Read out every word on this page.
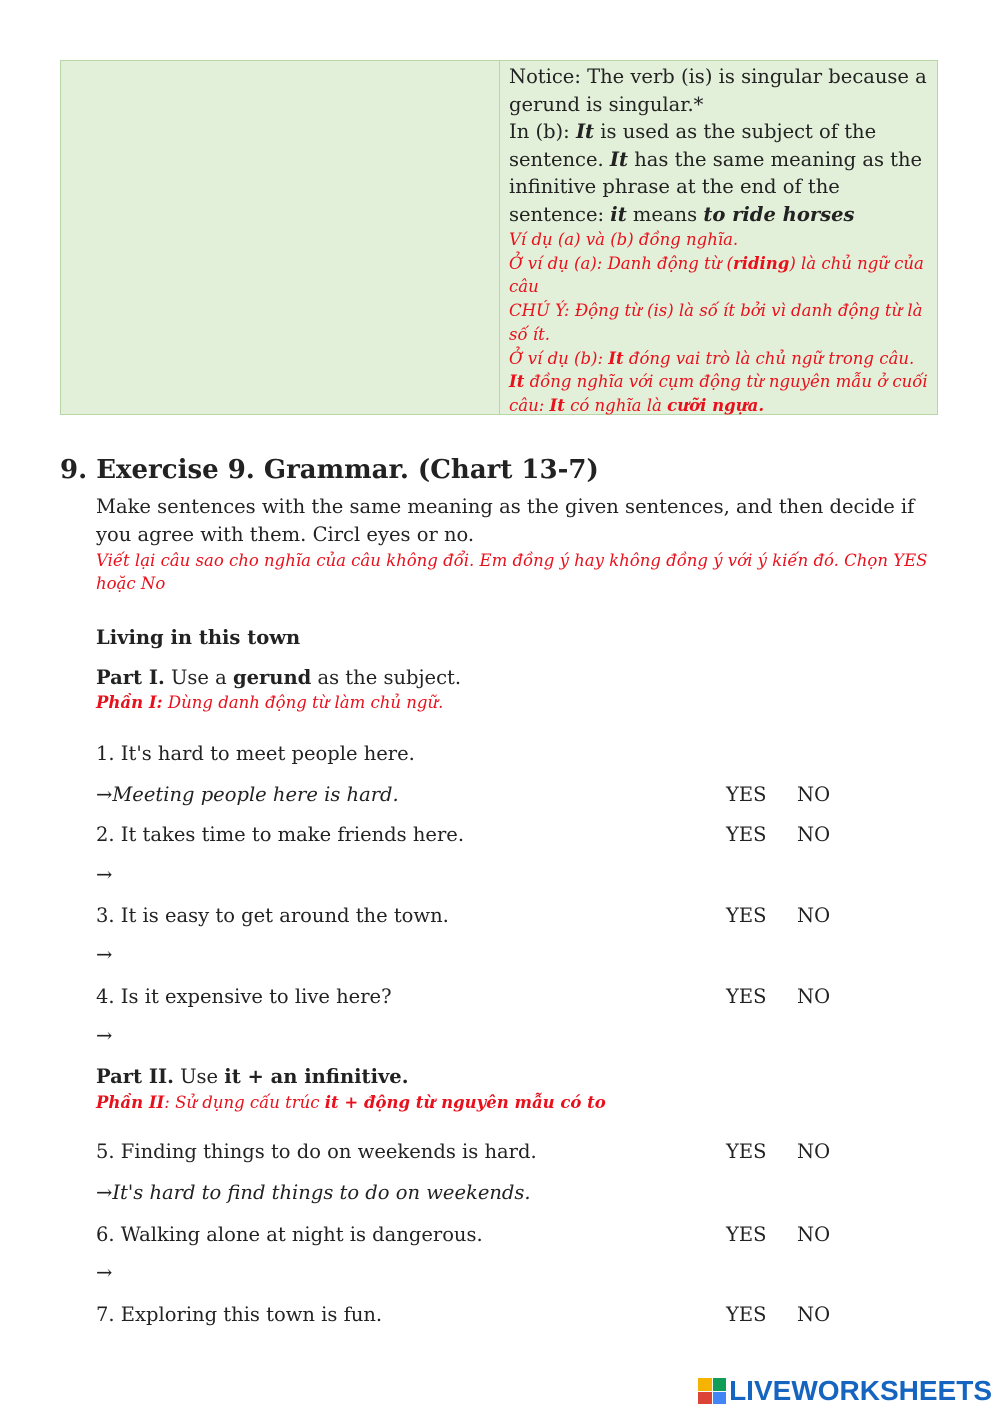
Notice: The verb (is) is singular because a gerund is singular.*

In (b): It is used as the subject of the sentence. It has the same meaning as the infinitive phrase at the end of the sentence: it means to ride horses

Ví dụ (a) và (b) đồng nghĩa.

Ở ví dụ (a): Danh động từ (riding) là chủ ngữ của câu

CHÚ Ý: Động từ (is) là số ít bởi vì danh động từ là số ít.

Ở ví dụ (b): It đóng vai trò là chủ ngữ trong câu. It đồng nghĩa với cụm động từ nguyên mẫu ở cuối câu: It có nghĩa là cưỡi ngựa.

9. Exercise 9. Grammar. (Chart 13-7)
Make sentences with the same meaning as the given sentences, and then decide if
you agree with them. Circl eyes or no.
Viết lại câu sao cho nghĩa của câu không đổi. Em đồng ý hay không đồng ý với ý kiến đó. Chọn YES
hoặc No
Living in this town
Part I. Use a gerund as the subject.
Phần I: Dùng danh động từ làm chủ ngữ.
1. It's hard to meet people here.
→Meeting people here is hard.	YES NO
2. It takes time to make friends here.	YES NO
→
3. It is easy to get around the town.	YES NO
→
4. Is it expensive to live here?	YES NO
→
Part II. Use it + an infinitive.
Phần II: Sử dụng cấu trúc it + động từ nguyên mẫu có to
5. Finding things to do on weekends is hard.	YES NO
→It's hard to find things to do on weekends.
6. Walking alone at night is dangerous.	YES NO
→
7. Exploring this town is fun.	YES NO
LIVEWORKSHEETS
